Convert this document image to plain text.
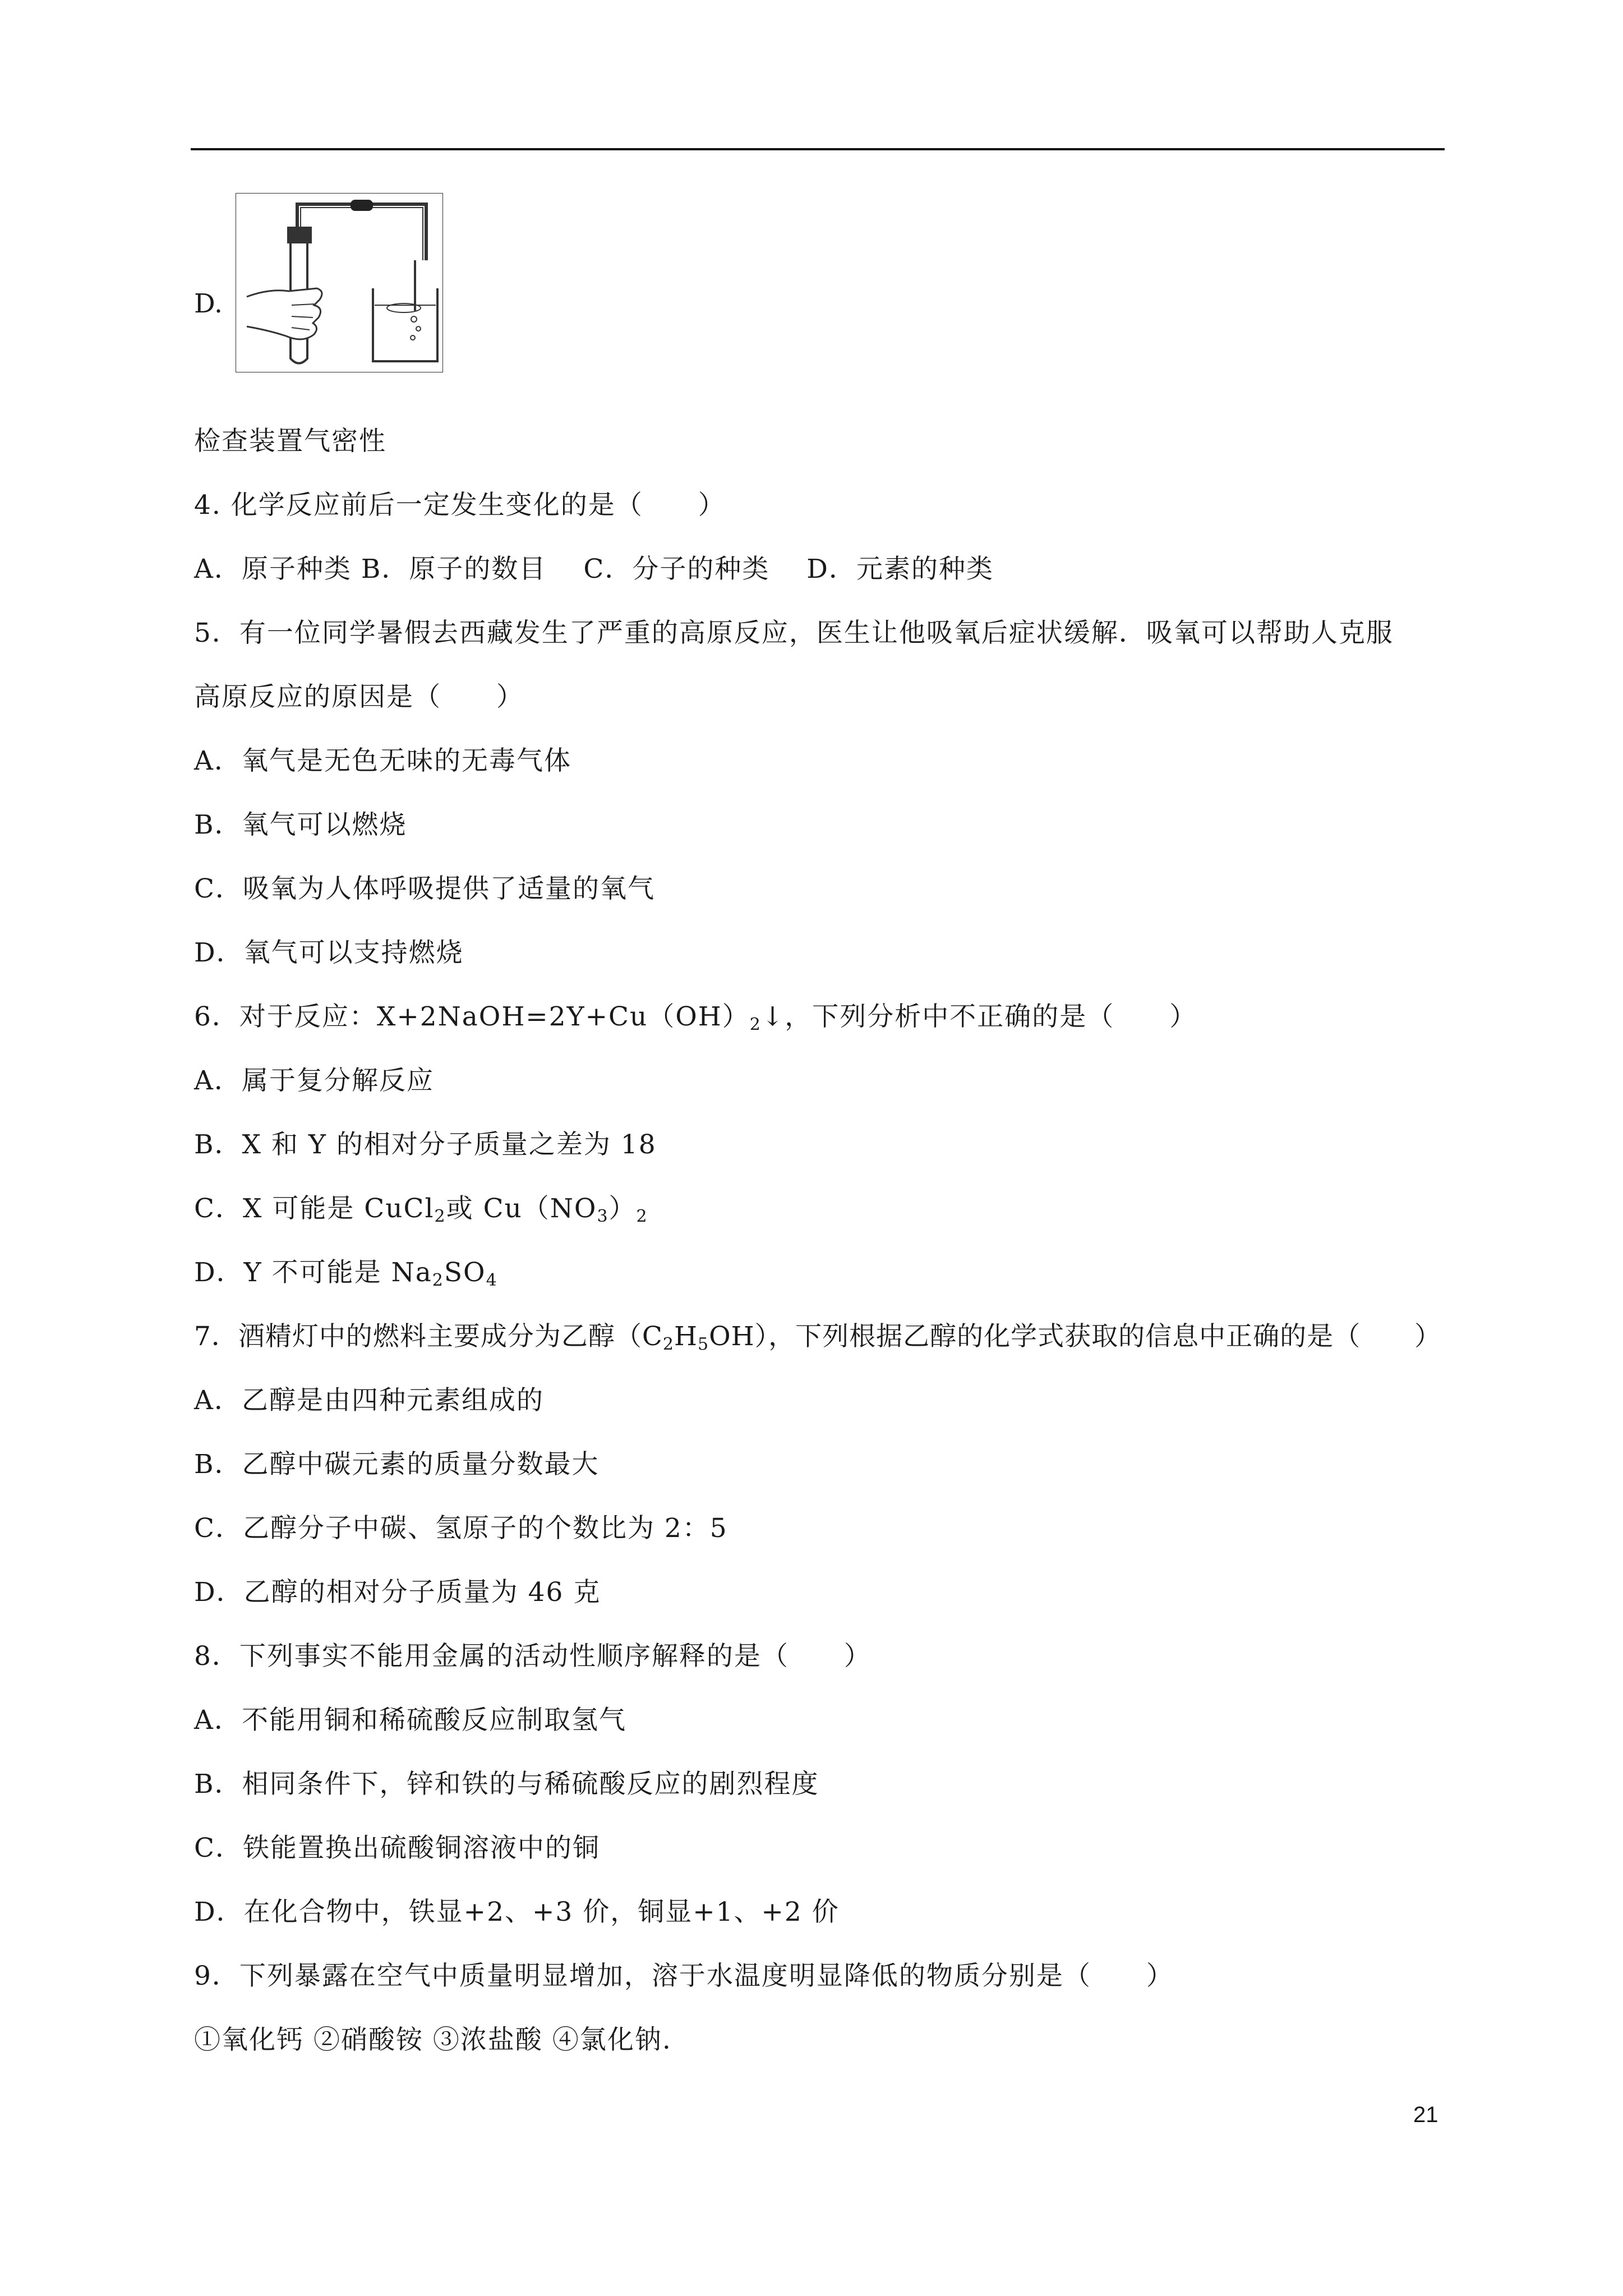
D.
检查装置气密性
4. 化学反应前后一定发生变化的是（　　）
A．原子种类 B．原子的数目　 C．分子的种类　 D．元素的种类
5．有一位同学暑假去西藏发生了严重的高原反应，医生让他吸氧后症状缓解．吸氧可以帮助人克服
高原反应的原因是（　　）
A．氧气是无色无味的无毒气体
B．氧气可以燃烧
C．吸氧为人体呼吸提供了适量的氧气
D．氧气可以支持燃烧
6．对于反应：$X+2NaOH=2Y+Cu(OH)_2↓$，下列分析中不正确的是（　　）
A．属于复分解反应
B．X 和 Y 的相对分子质量之差为 18
C．X 可能是 CuCl$_2$或 $Cu(NO_3)_2$
D．Y 不可能是 $Na_2SO_4$
7．酒精灯中的燃料主要成分为乙醇$(C_2H_5OH)$，下列根据乙醇的化学式获取的信息中正确的是（　　）
A．乙醇是由四种元素组成的
B．乙醇中碳元素的质量分数最大
C．乙醇分子中碳、氢原子的个数比为 2：5
D．乙醇的相对分子质量为 46 克
8．下列事实不能用金属的活动性顺序解释的是（　　）
A．不能用铜和稀硫酸反应制取氢气
B．相同条件下，锌和铁的与稀硫酸反应的剧烈程度
C．铁能置换出硫酸铜溶液中的铜
D．在化合物中，铁显+2、+3 价，铜显+1、+2 价
9．下列暴露在空气中质量明显增加，溶于水温度明显降低的物质分别是（　　）
①氧化钙 ②硝酸铵 ③浓盐酸 ④氯化钠.
21
